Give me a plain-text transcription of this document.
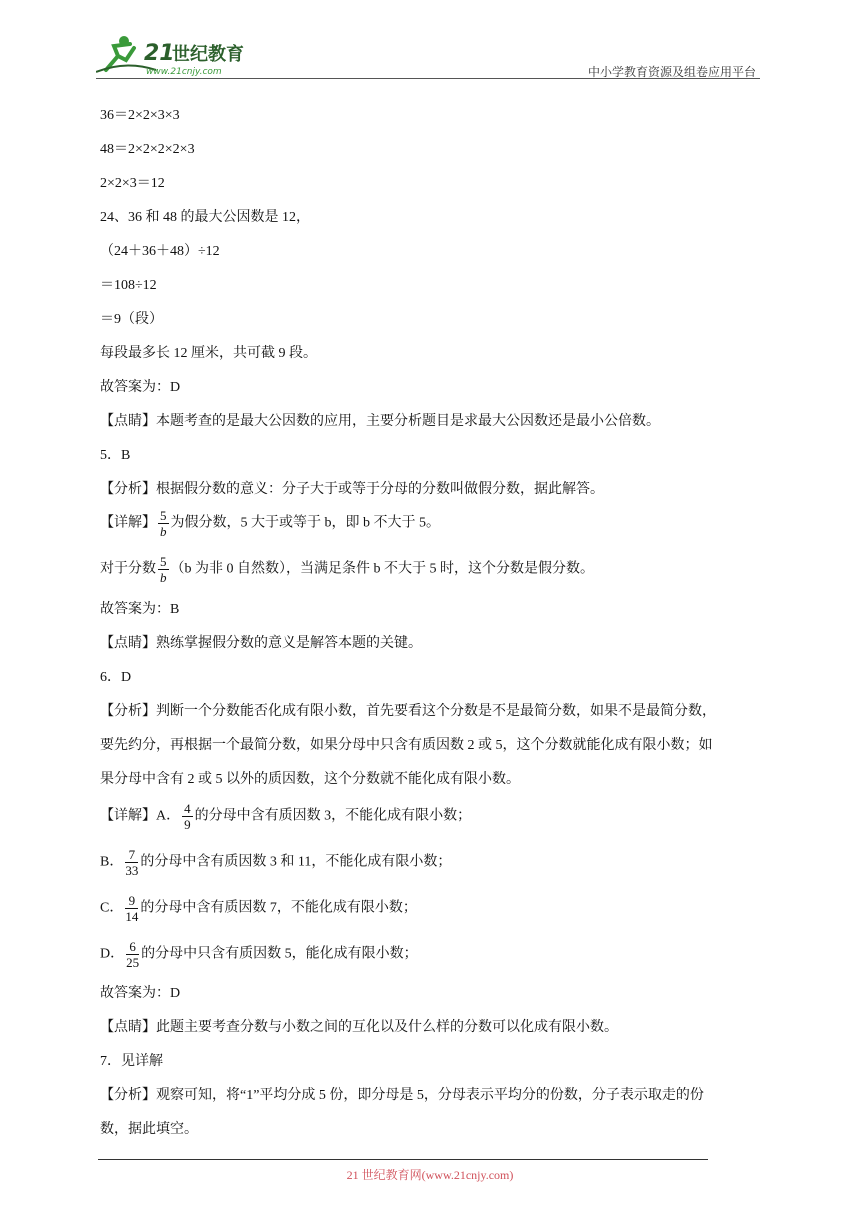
21
世纪教育
www.21cnjy.com	中小学教育资源及组卷应用平台
36＝2×2×3×3
48＝2×2×2×2×3
2×2×3＝12
24、36 和 48 的最大公因数是 12，
（24＋36＋48）÷12
＝108÷12
＝9（段）
每段最多长 12 厘米，共可截 9 段。
故答案为：D
【点睛】本题考查的是最大公因数的应用，主要分析题目是求最大公因数还是最小公倍数。
5．B
【分析】根据假分数的意义：分子大于或等于分母的分数叫做假分数，据此解答。
【详解】 $\frac{5}{b}$ 为假分数，5 大于或等于 b，即 b 不大于 5。
对于分数 $\frac{5}{b} (b$ 为非 0 自然数），当满足条件 b 不大于 5 时，这个分数是假分数。
故答案为：B
【点睛】熟练掌握假分数的意义是解答本题的关键。
6．D
【分析】判断一个分数能否化成有限小数，首先要看这个分数是不是最简分数，如果不是最简分数，
要先约分，再根据一个最简分数，如果分母中只含有质因数 2 或 5，这个分数就能化成有限小数；如
果分母中含有 2 或 5 以外的质因数，这个分数就不能化成有限小数。
【详解】A． $\frac{4}{9}$ 的分母中含有质因数 3，不能化成有限小数；
B． $\frac{7}{33}$ 的分母中含有质因数 3 和 11，不能化成有限小数；
C． $\frac{9}{14}$ 的分母中含有质因数 7，不能化成有限小数；
D． $\frac{6}{25}$ 的分母中只含有质因数 5，能化成有限小数；
故答案为：D
【点睛】此题主要考查分数与小数之间的互化以及什么样的分数可以化成有限小数。
7．见详解
【分析】观察可知，将“1”平均分成 5 份，即分母是 5，分母表示平均分的份数，分子表示取走的份
数，据此填空。
21 世纪教育网(www.21cnjy.com)
